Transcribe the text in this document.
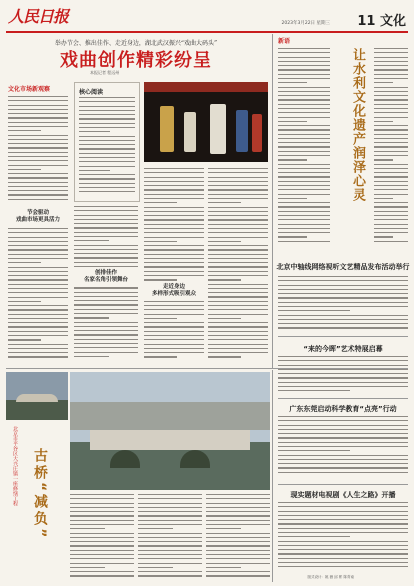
人民日报	2023年3月22日 星期三 11 文化
举办节会、推出佳作、走近身边，湖北武汉振兴“戏曲大码头”
戏曲创作精彩纷呈
本报记者 程远州
文化市场新观察
节会驱动
戏曲市场更具活力
核心阅读
创排佳作
名家名角引领舞台
走近身边
多样形式吸引观众
新语
让水利文化遗产润泽心灵
北京中轴线网络视听文艺精品发布活动举行
“来的今晖”艺术特展启幕
广东东莞启动科学教育“点亮”行动
现实题材电视剧《人生之路》开播
北京市平谷区大兴庄镇一座修缮工程 古桥“减负”
版式设计：姚 薇 邱 彬 陈青南
